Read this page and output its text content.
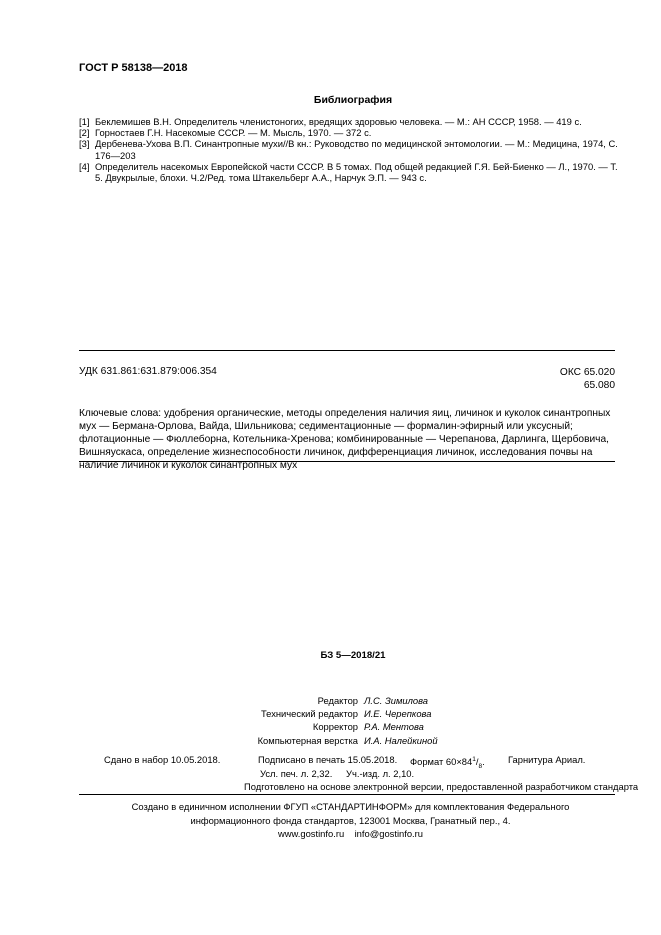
ГОСТ Р 58138—2018
Библиография
[1] Беклемишев В.Н. Определитель членистоногих, вредящих здоровью человека. — М.: АН СССР, 1958. — 419 с.
[2] Горностаев Г.Н. Насекомые СССР. — М. Мысль, 1970. — 372 с.
[3] Дербенева-Ухова В.П. Синантропные мухи//В кн.: Руководство по медицинской энтомологии. — М.: Медицина, 1974, С. 176—203
[4] Определитель насекомых Европейской части СССР. В 5 томах. Под общей редакцией Г.Я. Бей-Биенко — Л., 1970. — Т. 5. Двукрылые, блохи. Ч.2/Ред. тома Штакельберг А.А., Нарчук Э.П. — 943 с.
УДК 631.861:631.879:006.354	ОКС 65.020
65.080
Ключевые слова: удобрения органические, методы определения наличия яиц, личинок и куколок синантропных мух — Бермана-Орлова, Вайда, Шильникова; седиментационные — формалин-эфирный или уксусный; флотационные — Фюллеборна, Котельника-Хренова; комбинированные — Черепанова, Дарлинга, Щербовича, Вишняускаса, определение жизнеспособности личинок, дифференциация личинок, исследования почвы на наличие личинок и куколок синантропных мух
БЗ 5—2018/21
Редактор Л.С. Зимилова
Технический редактор И.Е. Черепкова
Корректор Р.А. Ментова
Компьютерная верстка И.А. Налейкиной
Сдано в набор 10.05.2018.	Подписано в печать 15.05.2018. Формат $60\times 84^1/_8$. Гарнитура Ариал.
Усл. печ. л. 2,32. Уч.-изд. л. 2,10.
Подготовлено на основе электронной версии, предоставленной разработчиком стандарта
Создано в единичном исполнении ФГУП «СТАНДАРТИНФОРМ» для комплектования Федерального
информационного фонда стандартов, 123001 Москва, Гранатный пер., 4.
www.gostinfo.ru info@gostinfo.ru
